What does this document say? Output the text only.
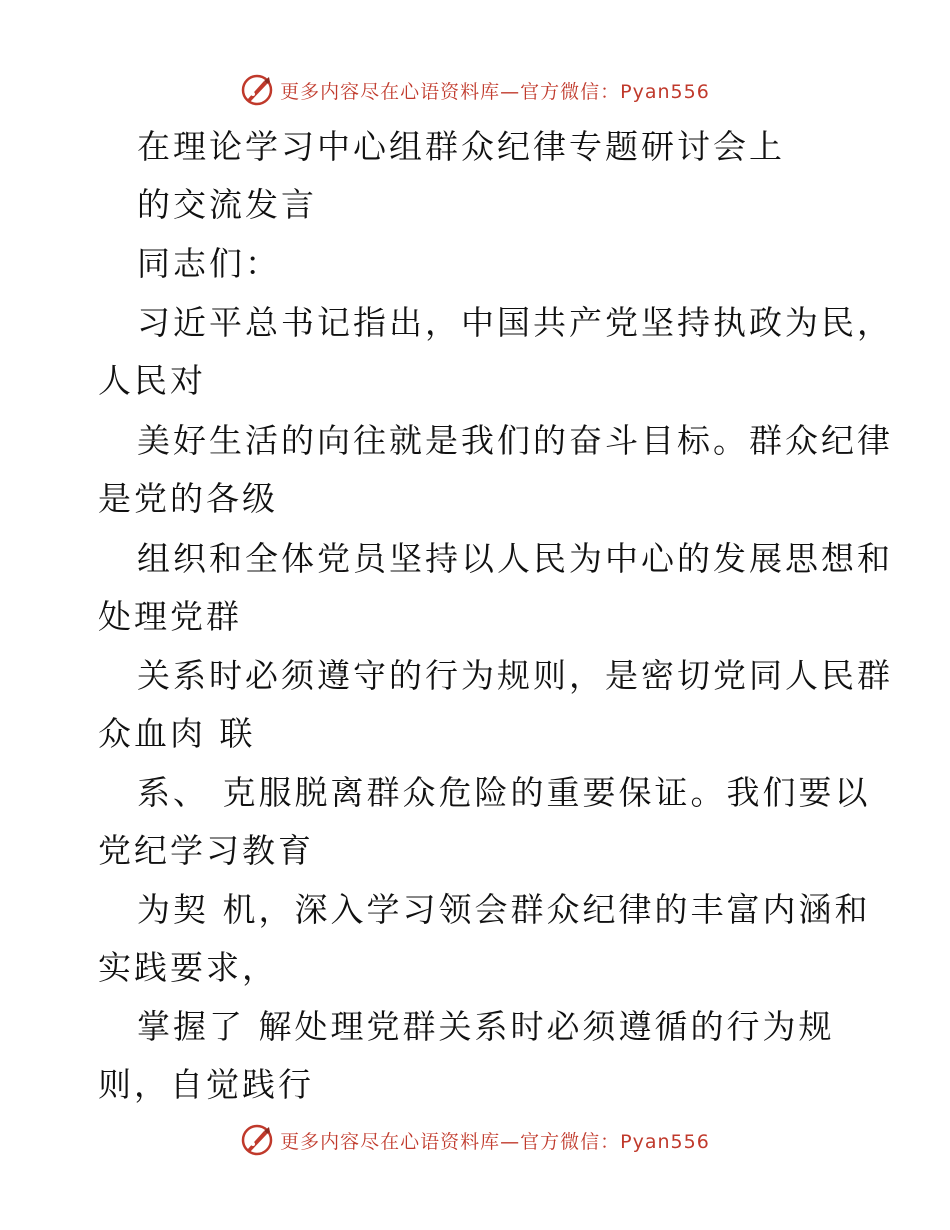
更多内容尽在心语资料库—官方微信：Pyan556
在理论学习中心组群众纪律专题研讨会上
的交流发言
同志们：
习近平总书记指出，中国共产党坚持执政为民，
人民对
美好生活的向往就是我们的奋斗目标。群众纪律
是党的各级
组织和全体党员坚持以人民为中心的发展思想和
处理党群
关系时必须遵守的行为规则，是密切党同人民群
众血肉 联
系、 克服脱离群众危险的重要保证。我们要以
党纪学习教育
为契 机，深入学习领会群众纪律的丰富内涵和
实践要求，
掌握了 解处理党群关系时必须遵循的行为规
则，自觉践行
更多内容尽在心语资料库—官方微信：Pyan556
